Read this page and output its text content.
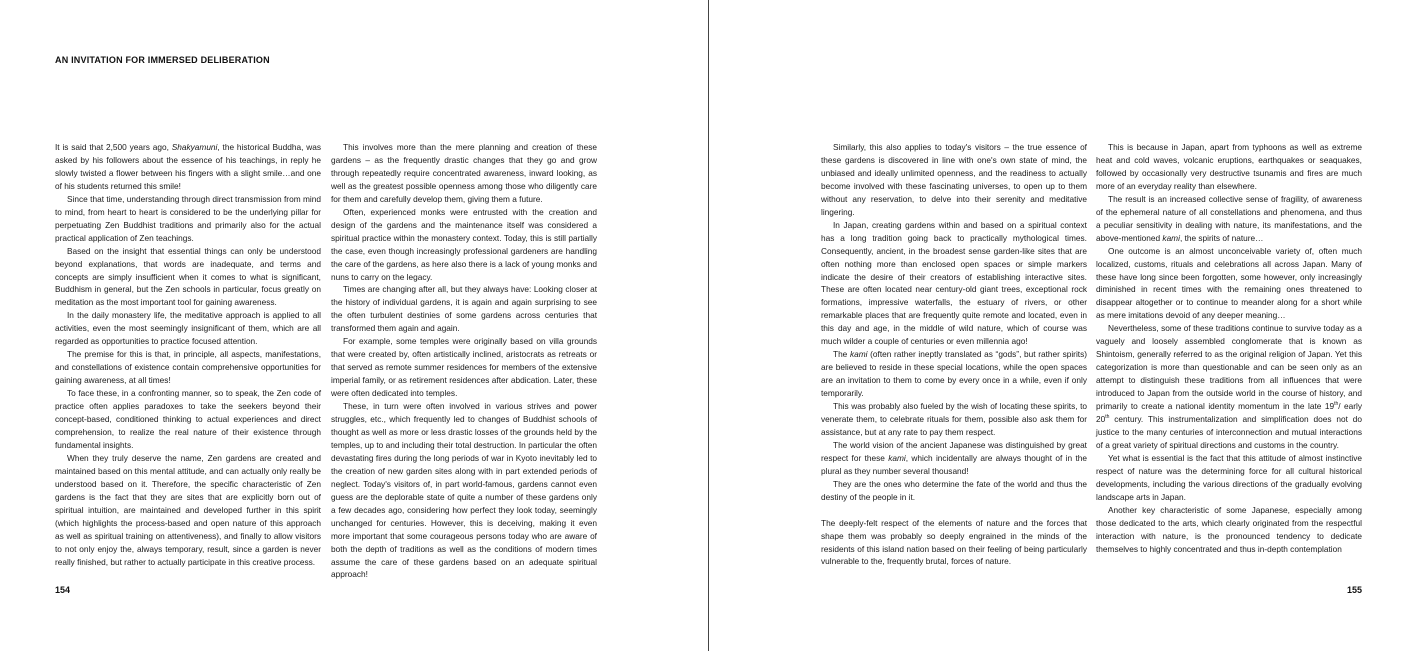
AN INVITATION FOR IMMERSED DELIBERATION

It is said that 2,500 years ago, Shakyamuni, the historical Buddha, was asked by his followers about the essence of his teachings, in reply he slowly twisted a flower between his fingers with a slight smile…and one of his students returned this smile!

Since that time, understanding through direct transmission from mind to mind, from heart to heart is considered to be the underlying pillar for perpetuating Zen Buddhist traditions and primarily also for the actual practical application of Zen teachings.

Based on the insight that essential things can only be understood beyond explanations, that words are inadequate, and terms and concepts are simply insufficient when it comes to what is significant, Buddhism in general, but the Zen schools in particular, focus greatly on meditation as the most important tool for gaining awareness.

In the daily monastery life, the meditative approach is applied to all activities, even the most seemingly insignificant of them, which are all regarded as opportunities to practice focused attention.

The premise for this is that, in principle, all aspects, manifestations, and constellations of existence contain comprehensive opportunities for gaining awareness, at all times!

To face these, in a confronting manner, so to speak, the Zen code of practice often applies paradoxes to take the seekers beyond their concept-based, conditioned thinking to actual experiences and direct comprehension, to realize the real nature of their existence through fundamental insights.

When they truly deserve the name, Zen gardens are created and maintained based on this mental attitude, and can actually only really be understood based on it. Therefore, the specific characteristic of Zen gardens is the fact that they are sites that are explicitly born out of spiritual intuition, are maintained and developed further in this spirit (which highlights the process-based and open nature of this approach as well as spiritual training on attentiveness), and finally to allow visitors to not only enjoy the, always temporary, result, since a garden is never really finished, but rather to actually participate in this creative process.

This involves more than the mere planning and creation of these gardens – as the frequently drastic changes that they go and grow through repeatedly require concentrated awareness, inward looking, as well as the greatest possible openness among those who diligently care for them and carefully develop them, giving them a future.

Often, experienced monks were entrusted with the creation and design of the gardens and the maintenance itself was considered a spiritual practice within the monastery context. Today, this is still partially the case, even though increasingly professional gardeners are handling the care of the gardens, as here also there is a lack of young monks and nuns to carry on the legacy.

Times are changing after all, but they always have: Looking closer at the history of individual gardens, it is again and again surprising to see the often turbulent destinies of some gardens across centuries that transformed them again and again.

For example, some temples were originally based on villa grounds that were created by, often artistically inclined, aristocrats as retreats or that served as remote summer residences for members of the extensive imperial family, or as retirement residences after abdication. Later, these were often dedicated into temples.

These, in turn were often involved in various strives and power struggles, etc., which frequently led to changes of Buddhist schools of thought as well as more or less drastic losses of the grounds held by the temples, up to and including their total destruction. In particular the often devastating fires during the long periods of war in Kyoto inevitably led to the creation of new garden sites along with in part extended periods of neglect. Today's visitors of, in part world-famous, gardens cannot even guess are the deplorable state of quite a number of these gardens only a few decades ago, considering how perfect they look today, seemingly unchanged for centuries. However, this is deceiving, making it even more important that some courageous persons today who are aware of both the depth of traditions as well as the conditions of modern times assume the care of these gardens based on an adequate spiritual approach!

Similarly, this also applies to today's visitors – the true essence of these gardens is discovered in line with one's own state of mind, the unbiased and ideally unlimited openness, and the readiness to actually become involved with these fascinating universes, to open up to them without any reservation, to delve into their serenity and meditative lingering.

In Japan, creating gardens within and based on a spiritual context has a long tradition going back to practically mythological times. Consequently, ancient, in the broadest sense garden-like sites that are often nothing more than enclosed open spaces or simple markers indicate the desire of their creators of establishing interactive sites. These are often located near century-old giant trees, exceptional rock formations, impressive waterfalls, the estuary of rivers, or other remarkable places that are frequently quite remote and located, even in this day and age, in the middle of wild nature, which of course was much wilder a couple of centuries or even millennia ago!

The kami (often rather ineptly translated as “gods”, but rather spirits) are believed to reside in these special locations, while the open spaces are an invitation to them to come by every once in a while, even if only temporarily.

This was probably also fueled by the wish of locating these spirits, to venerate them, to celebrate rituals for them, possible also ask them for assistance, but at any rate to pay them respect.

The world vision of the ancient Japanese was distinguished by great respect for these kami, which incidentally are always thought of in the plural as they number several thousand!

They are the ones who determine the fate of the world and thus the destiny of the people in it.

The deeply-felt respect of the elements of nature and the forces that shape them was probably so deeply engrained in the minds of the residents of this island nation based on their feeling of being particularly vulnerable to the, frequently brutal, forces of nature.

This is because in Japan, apart from typhoons as well as extreme heat and cold waves, volcanic eruptions, earthquakes or seaquakes, followed by occasionally very destructive tsunamis and fires are much more of an everyday reality than elsewhere.

The result is an increased collective sense of fragility, of awareness of the ephemeral nature of all constellations and phenomena, and thus a peculiar sensitivity in dealing with nature, its manifestations, and the above-mentioned kami, the spirits of nature…

One outcome is an almost unconceivable variety of, often much localized, customs, rituals and celebrations all across Japan. Many of these have long since been forgotten, some however, only increasingly diminished in recent times with the remaining ones threatened to disappear altogether or to continue to meander along for a short while as mere imitations devoid of any deeper meaning…

Nevertheless, some of these traditions continue to survive today as a vaguely and loosely assembled conglomerate that is known as Shintoism, generally referred to as the original religion of Japan. Yet this categorization is more than questionable and can be seen only as an attempt to distinguish these traditions from all influences that were introduced to Japan from the outside world in the course of history, and primarily to create a national identity momentum in the late 19th/ early 20th century. This instrumentalization and simplification does not do justice to the many centuries of interconnection and mutual interactions of a great variety of spiritual directions and customs in the country.

Yet what is essential is the fact that this attitude of almost instinctive respect of nature was the determining force for all cultural historical developments, including the various directions of the gradually evolving landscape arts in Japan.

Another key characteristic of some Japanese, especially among those dedicated to the arts, which clearly originated from the respectful interaction with nature, is the pronounced tendency to dedicate themselves to highly concentrated and thus in-depth contemplation

154	155
